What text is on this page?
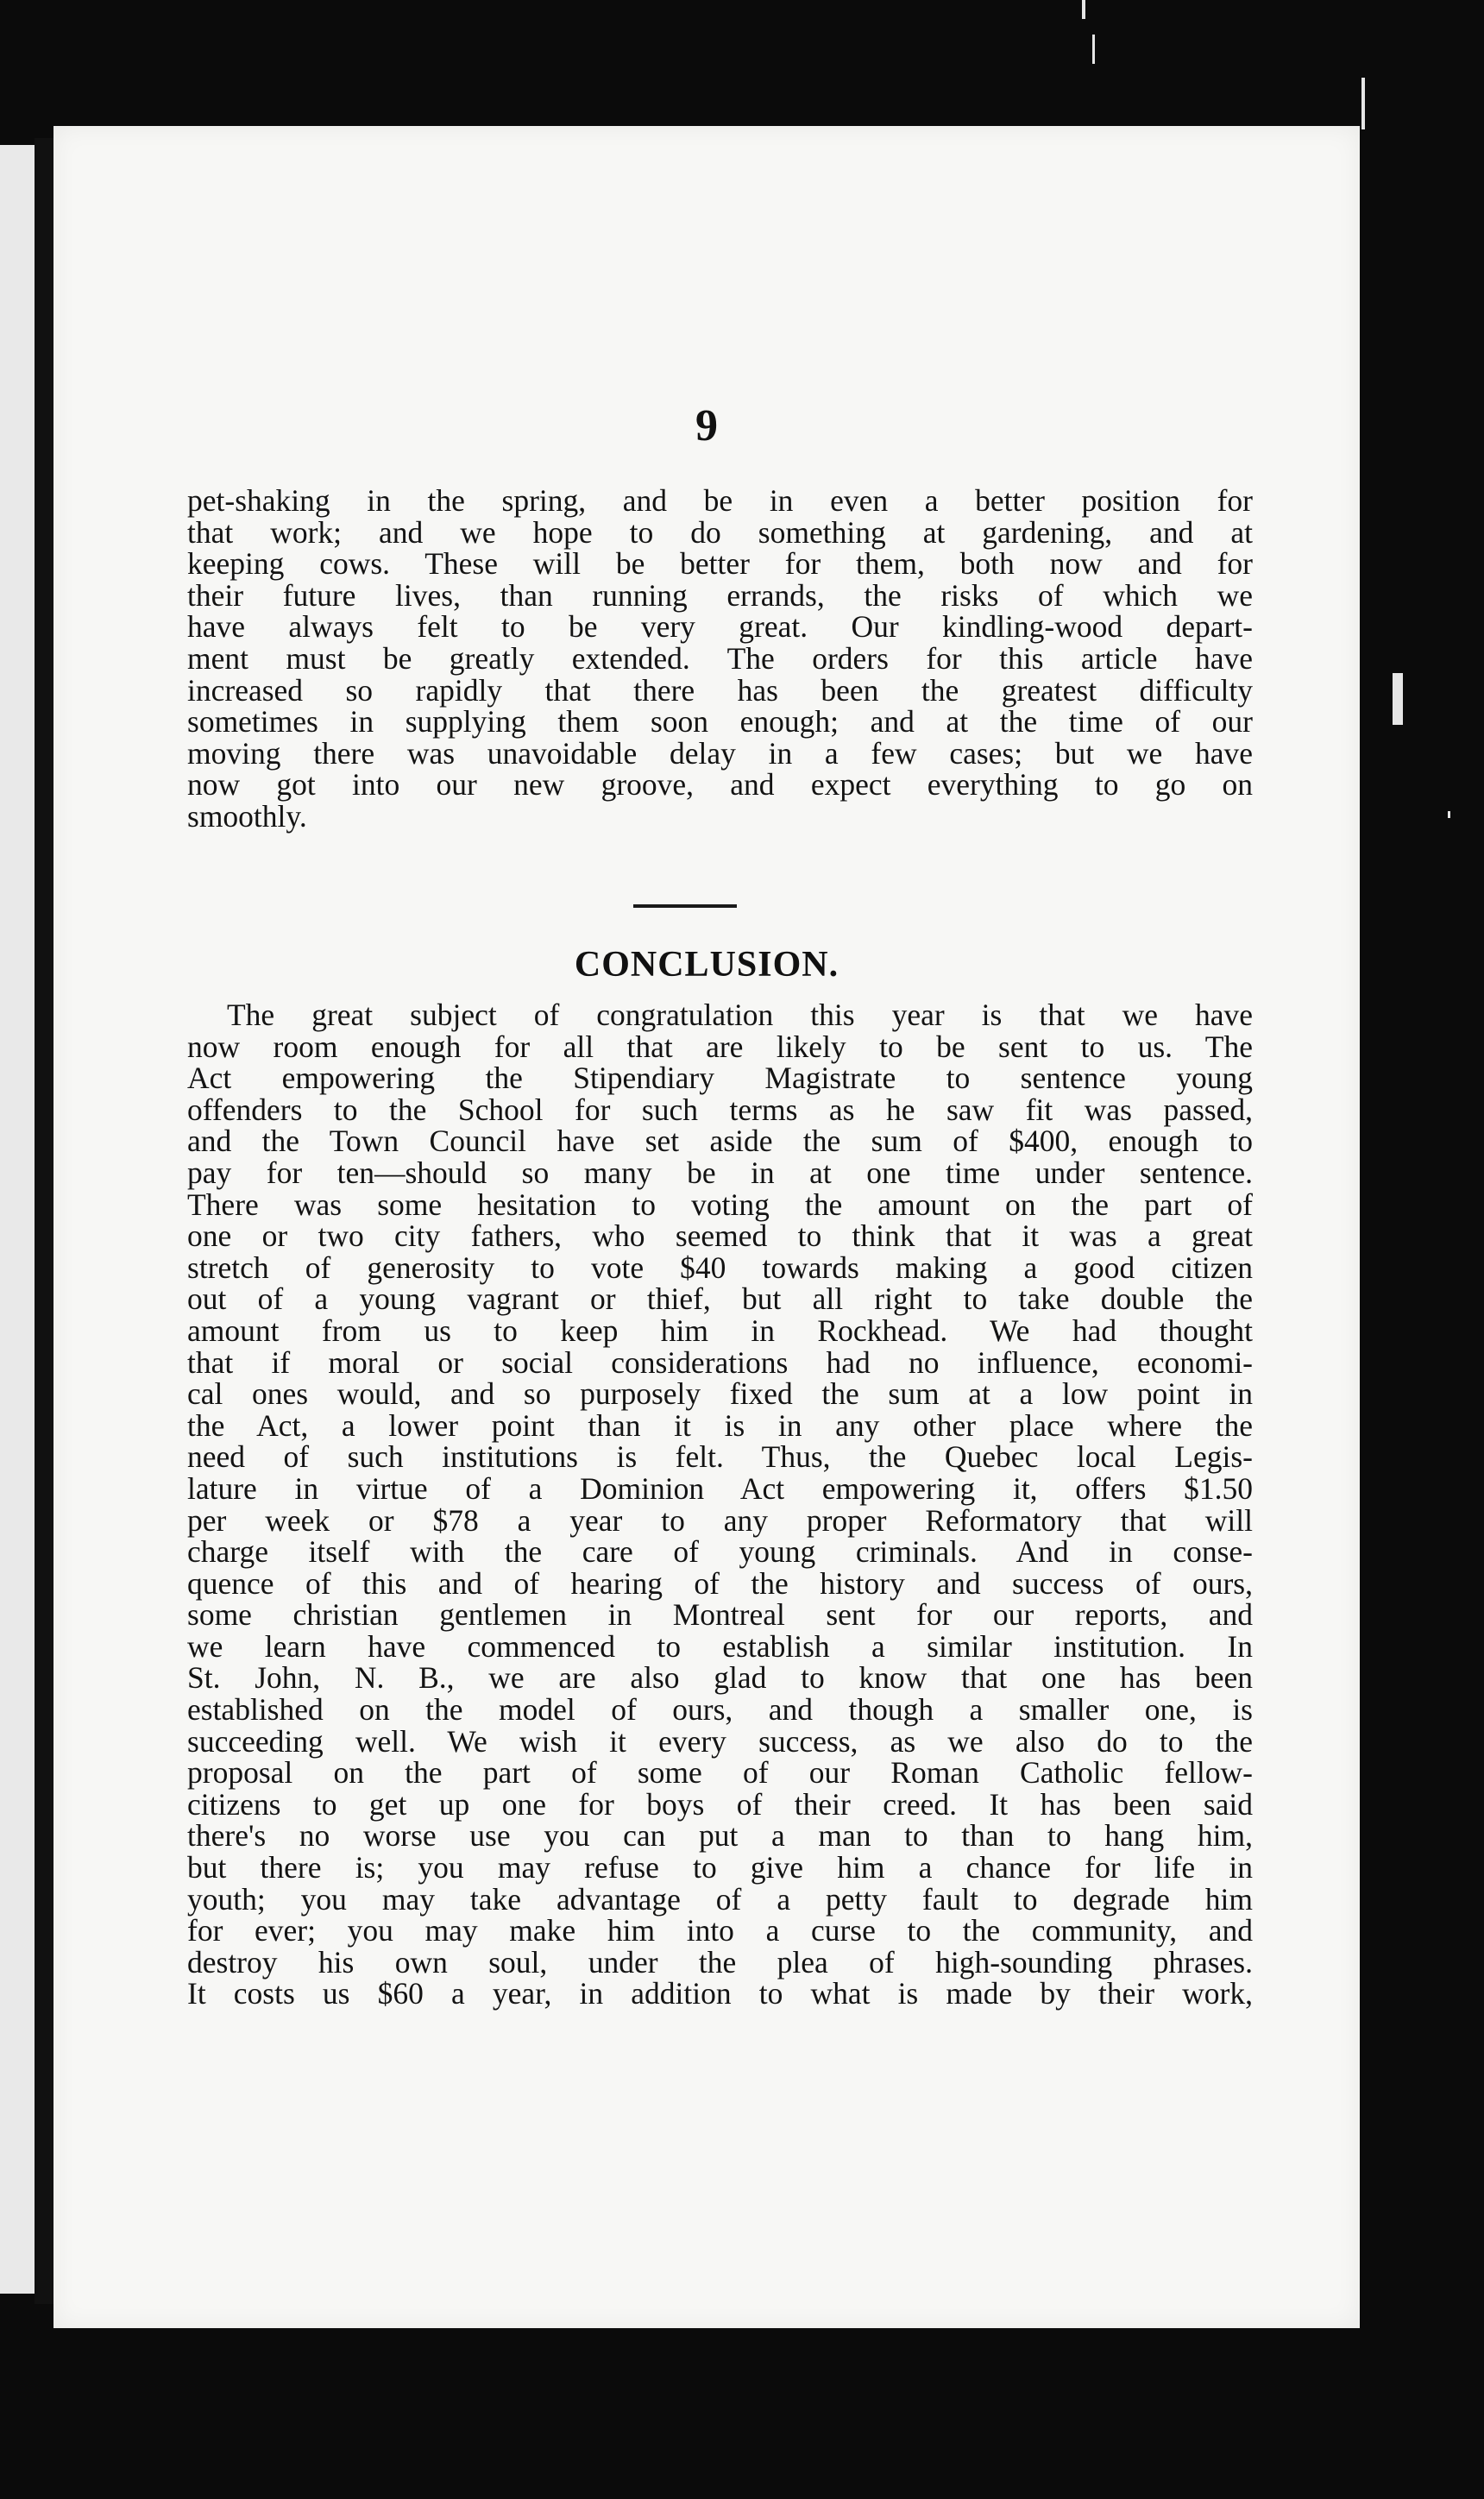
9
pet-shaking in the spring, and be in even a better position for
that work; and we hope to do something at gardening, and at
keeping cows. These will be better for them, both now and for
their future lives, than running errands, the risks of which we
have always felt to be very great. Our kindling-wood depart-
ment must be greatly extended. The orders for this article have
increased so rapidly that there has been the greatest difficulty
sometimes in supplying them soon enough; and at the time of our
moving there was unavoidable delay in a few cases; but we have
now got into our new groove, and expect everything to go on
smoothly.
CONCLUSION.
The great subject of congratulation this year is that we have
now room enough for all that are likely to be sent to us. The
Act empowering the Stipendiary Magistrate to sentence young
offenders to the School for such terms as he saw fit was passed,
and the Town Council have set aside the sum of $400, enough to
pay for ten—should so many be in at one time under sentence.
There was some hesitation to voting the amount on the part of
one or two city fathers, who seemed to think that it was a great
stretch of generosity to vote $40 towards making a good citizen
out of a young vagrant or thief, but all right to take double the
amount from us to keep him in Rockhead. We had thought
that if moral or social considerations had no influence, economi-
cal ones would, and so purposely fixed the sum at a low point in
the Act, a lower point than it is in any other place where the
need of such institutions is felt. Thus, the Quebec local Legis-
lature in virtue of a Dominion Act empowering it, offers $1.50
per week or $78 a year to any proper Reformatory that will
charge itself with the care of young criminals. And in conse-
quence of this and of hearing of the history and success of ours,
some christian gentlemen in Montreal sent for our reports, and
we learn have commenced to establish a similar institution. In
St. John, N. B., we are also glad to know that one has been
established on the model of ours, and though a smaller one, is
succeeding well. We wish it every success, as we also do to the
proposal on the part of some of our Roman Catholic fellow-
citizens to get up one for boys of their creed. It has been said
there's no worse use you can put a man to than to hang him,
but there is; you may refuse to give him a chance for life in
youth; you may take advantage of a petty fault to degrade him
for ever; you may make him into a curse to the community, and
destroy his own soul, under the plea of high-sounding phrases.
It costs us $60 a year, in addition to what is made by their work,
